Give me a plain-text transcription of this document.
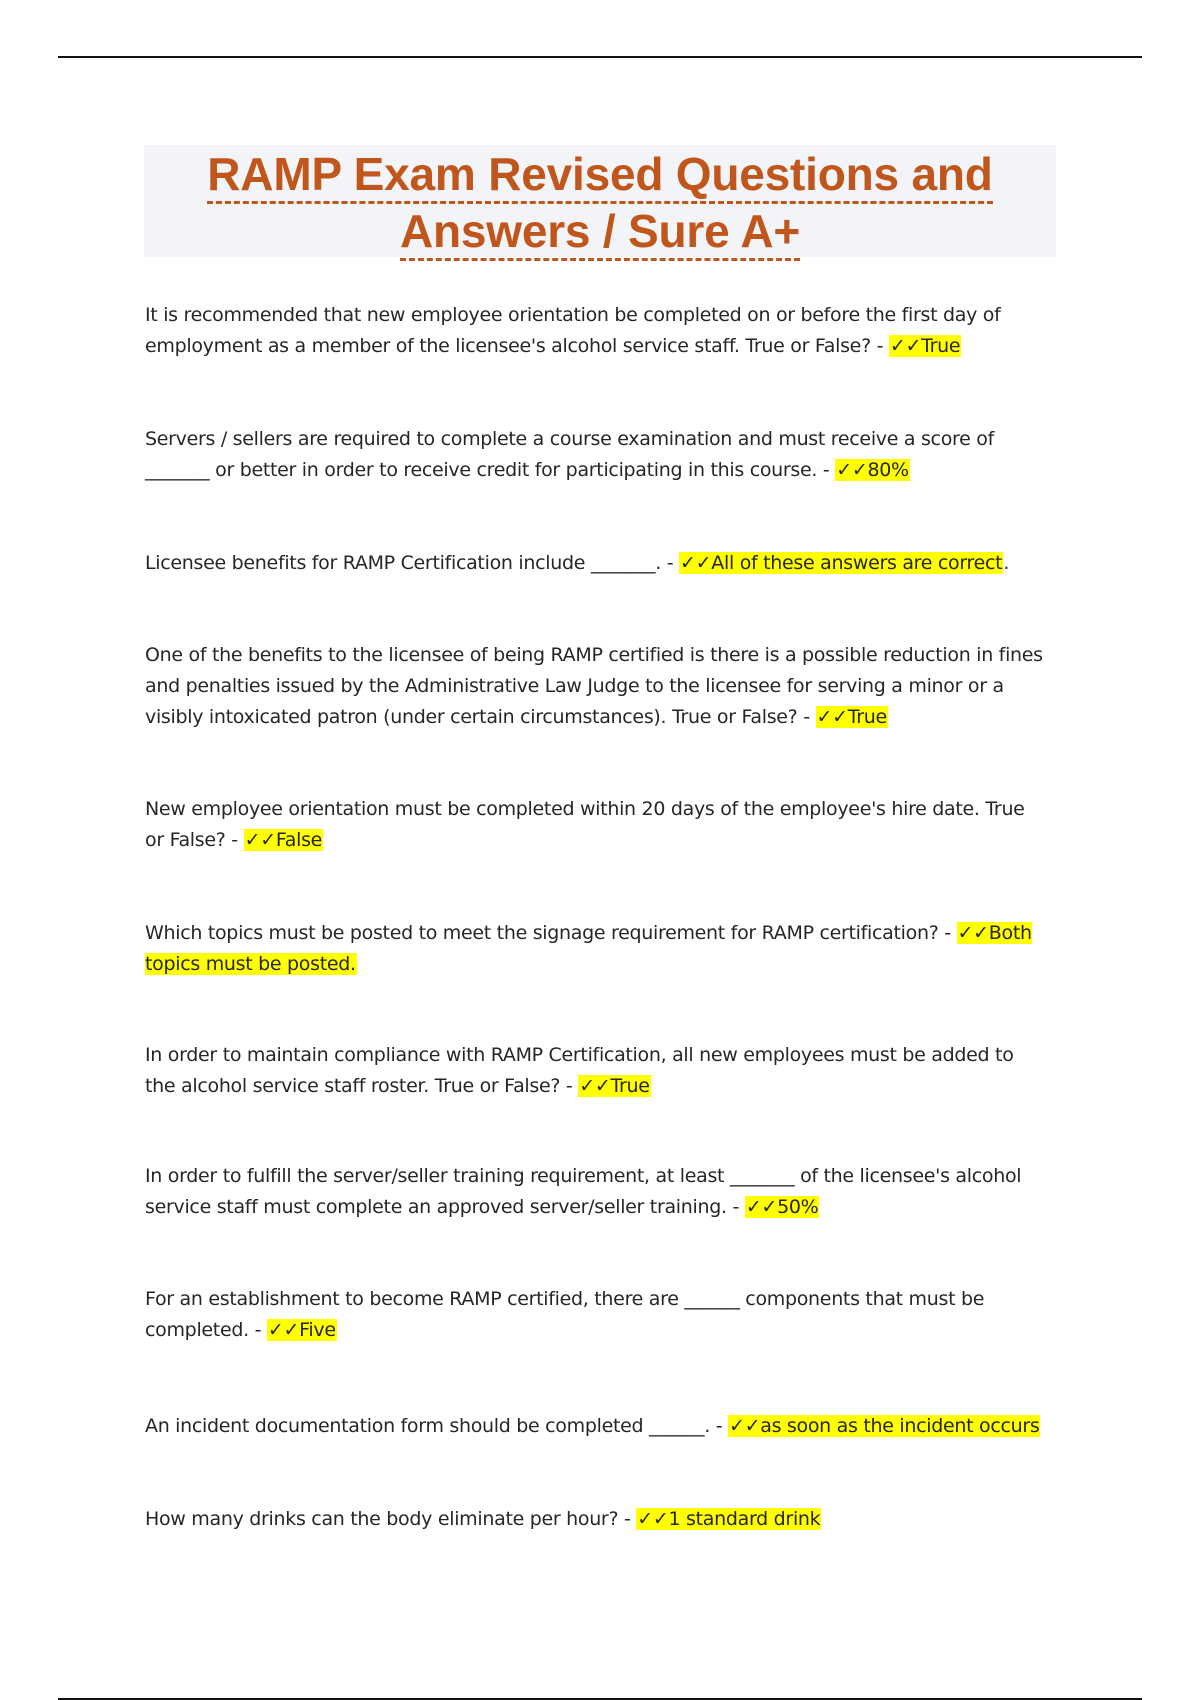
RAMP Exam Revised Questions and
Answers / Sure A+
It is recommended that new employee orientation be completed on or before the first day of employment as a member of the licensee's alcohol service staff. True or False? - ✓✓True
Servers / sellers are required to complete a course examination and must receive a score of _______ or better in order to receive credit for participating in this course. - ✓✓80%
Licensee benefits for RAMP Certification include _______. - ✓✓All of these answers are correct.
One of the benefits to the licensee of being RAMP certified is there is a possible reduction in fines and penalties issued by the Administrative Law Judge to the licensee for serving a minor or a visibly intoxicated patron (under certain circumstances). True or False? - ✓✓True
New employee orientation must be completed within 20 days of the employee's hire date. True or False? - ✓✓False
Which topics must be posted to meet the signage requirement for RAMP certification? - ✓✓Both topics must be posted.
In order to maintain compliance with RAMP Certification, all new employees must be added to the alcohol service staff roster. True or False? - ✓✓True
In order to fulfill the server/seller training requirement, at least _______ of the licensee's alcohol service staff must complete an approved server/seller training. - ✓✓50%
For an establishment to become RAMP certified, there are ______ components that must be completed. - ✓✓Five
An incident documentation form should be completed ______. - ✓✓as soon as the incident occurs
How many drinks can the body eliminate per hour? - ✓✓1 standard drink
